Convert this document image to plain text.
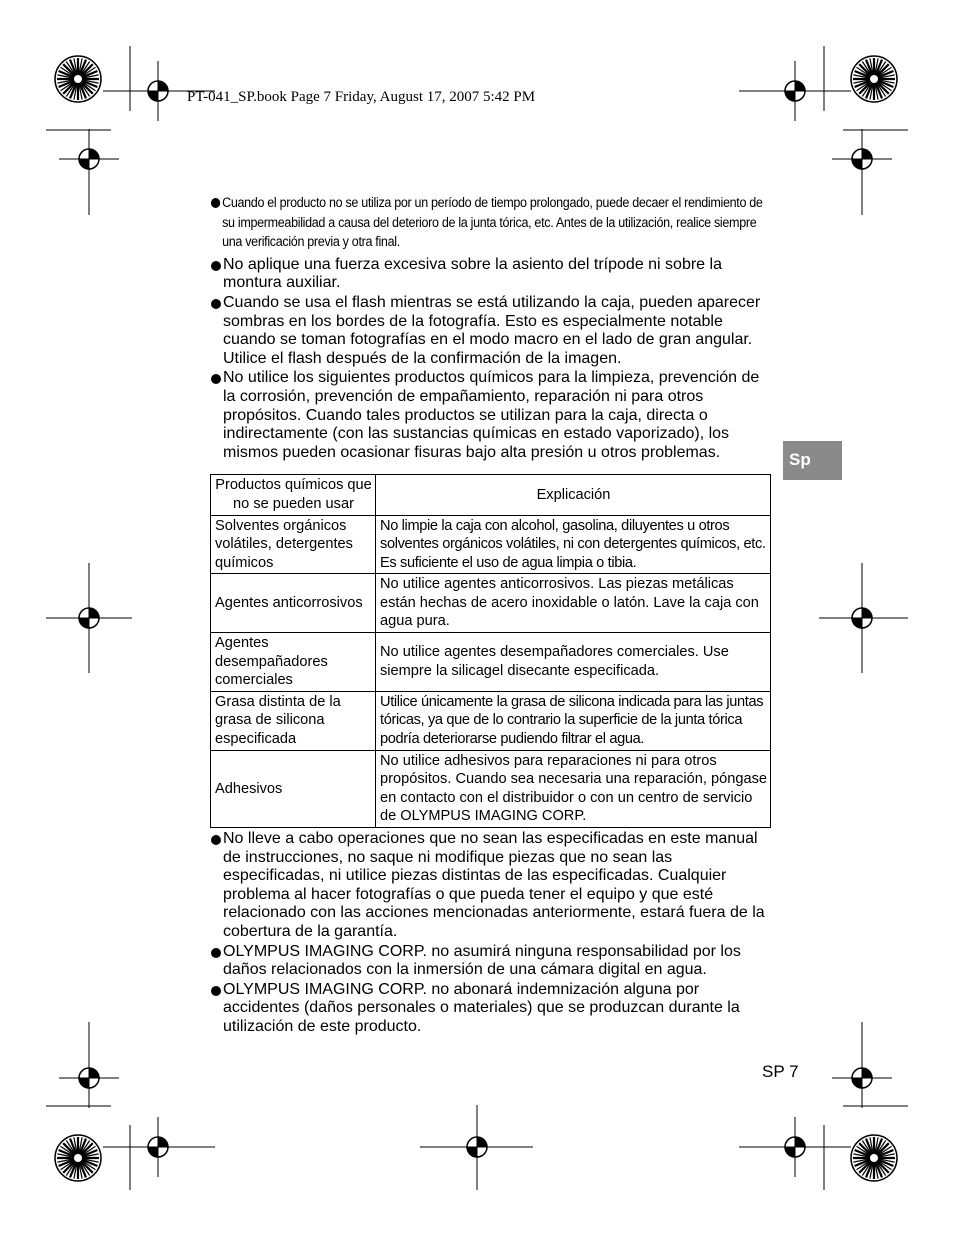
PT-041_SP.book Page 7 Friday, August 17, 2007 5:42 PM
Sp
Cuando el producto no se utiliza por un período de tiempo prolongado, puede decaer el rendimiento de su impermeabilidad a causa del deterioro de la junta tórica, etc. Antes de la utilización, realice siempre una verificación previa y otra final.
No aplique una fuerza excesiva sobre la asiento del trípode ni sobre la montura auxiliar.
Cuando se usa el flash mientras se está utilizando la caja, pueden aparecer sombras en los bordes de la fotografía. Esto es especialmente notable cuando se toman fotografías en el modo macro en el lado de gran angular. Utilice el flash después de la confirmación de la imagen.
No utilice los siguientes productos químicos para la limpieza, prevención de la corrosión, prevención de empañamiento, reparación ni para otros propósitos. Cuando tales productos se utilizan para la caja, directa o indirectamente (con las sustancias químicas en estado vaporizado), los mismos pueden ocasionar fisuras bajo alta presión u otros problemas.
Productos químicos que no se pueden usar	Explicación
Solventes orgánicos volátiles, detergentes químicos	No limpie la caja con alcohol, gasolina, diluyentes u otros solventes orgánicos volátiles, ni con detergentes químicos, etc. Es suficiente el uso de agua limpia o tibia.
Agentes anticorrosivos	No utilice agentes anticorrosivos. Las piezas metálicas están hechas de acero inoxidable o latón. Lave la caja con agua pura.
Agentes desempañadores comerciales	No utilice agentes desempañadores comerciales. Use siempre la silicagel disecante especificada.
Grasa distinta de la grasa de silicona especificada	Utilice únicamente la grasa de silicona indicada para las juntas tóricas, ya que de lo contrario la superficie de la junta tórica podría deteriorarse pudiendo filtrar el agua.
Adhesivos	No utilice adhesivos para reparaciones ni para otros propósitos. Cuando sea necesaria una reparación, póngase en contacto con el distribuidor o con un centro de servicio de OLYMPUS IMAGING CORP.
No lleve a cabo operaciones que no sean las especificadas en este manual de instrucciones, no saque ni modifique piezas que no sean las especificadas, ni utilice piezas distintas de las especificadas. Cualquier problema al hacer fotografías o que pueda tener el equipo y que esté relacionado con las acciones mencionadas anteriormente, estará fuera de la cobertura de la garantía.
OLYMPUS IMAGING CORP. no asumirá ninguna responsabilidad por los daños relacionados con la inmersión de una cámara digital en agua.
OLYMPUS IMAGING CORP. no abonará indemnización alguna por accidentes (daños personales o materiales) que se produzcan durante la utilización de este producto.
SP 7
